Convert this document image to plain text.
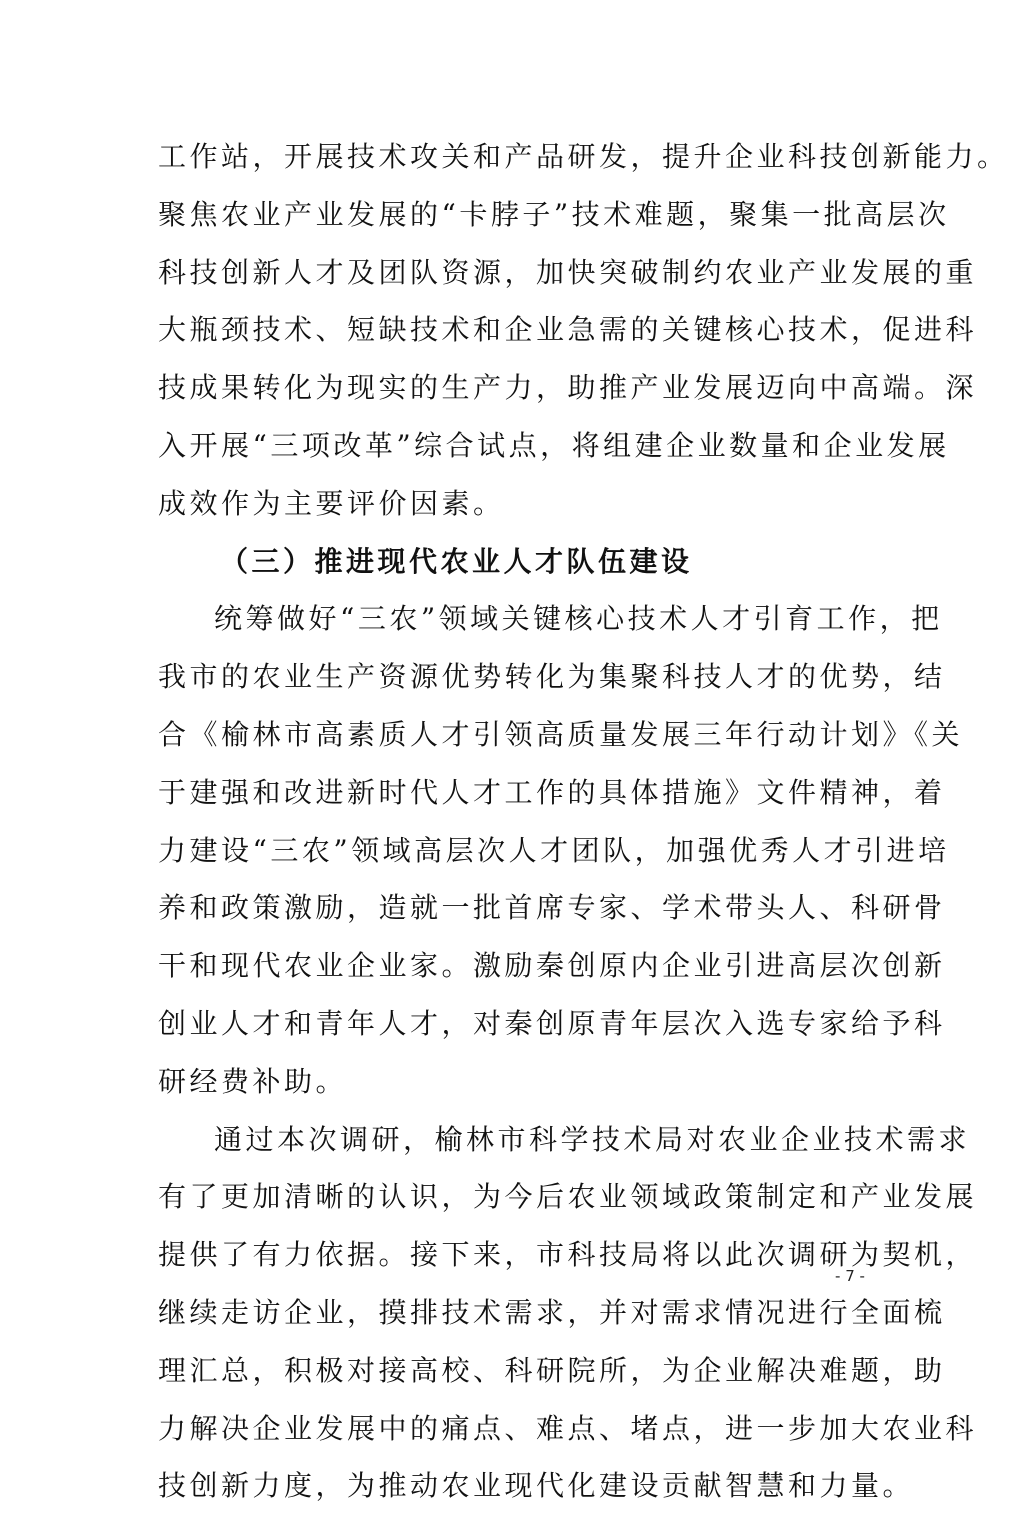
工作站，开展技术攻关和产品研发，提升企业科技创新能力。
聚焦农业产业发展的“卡脖子”技术难题，聚集一批高层次
科技创新人才及团队资源，加快突破制约农业产业发展的重
大瓶颈技术、短缺技术和企业急需的关键核心技术，促进科
技成果转化为现实的生产力，助推产业发展迈向中高端。深
入开展“三项改革”综合试点，将组建企业数量和企业发展
成效作为主要评价因素。
（三）推进现代农业人才队伍建设
统筹做好“三农”领域关键核心技术人才引育工作，把
我市的农业生产资源优势转化为集聚科技人才的优势，结
合《榆林市高素质人才引领高质量发展三年行动计划》《关
于建强和改进新时代人才工作的具体措施》文件精神，着
力建设“三农”领域高层次人才团队，加强优秀人才引进培
养和政策激励，造就一批首席专家、学术带头人、科研骨
干和现代农业企业家。激励秦创原内企业引进高层次创新
创业人才和青年人才，对秦创原青年层次入选专家给予科
研经费补助。
通过本次调研，榆林市科学技术局对农业企业技术需求
有了更加清晰的认识，为今后农业领域政策制定和产业发展
提供了有力依据。接下来，市科技局将以此次调研为契机，
继续走访企业，摸排技术需求，并对需求情况进行全面梳
理汇总，积极对接高校、科研院所，为企业解决难题，助
力解决企业发展中的痛点、难点、堵点，进一步加大农业科
技创新力度，为推动农业现代化建设贡献智慧和力量。
- 7 -
